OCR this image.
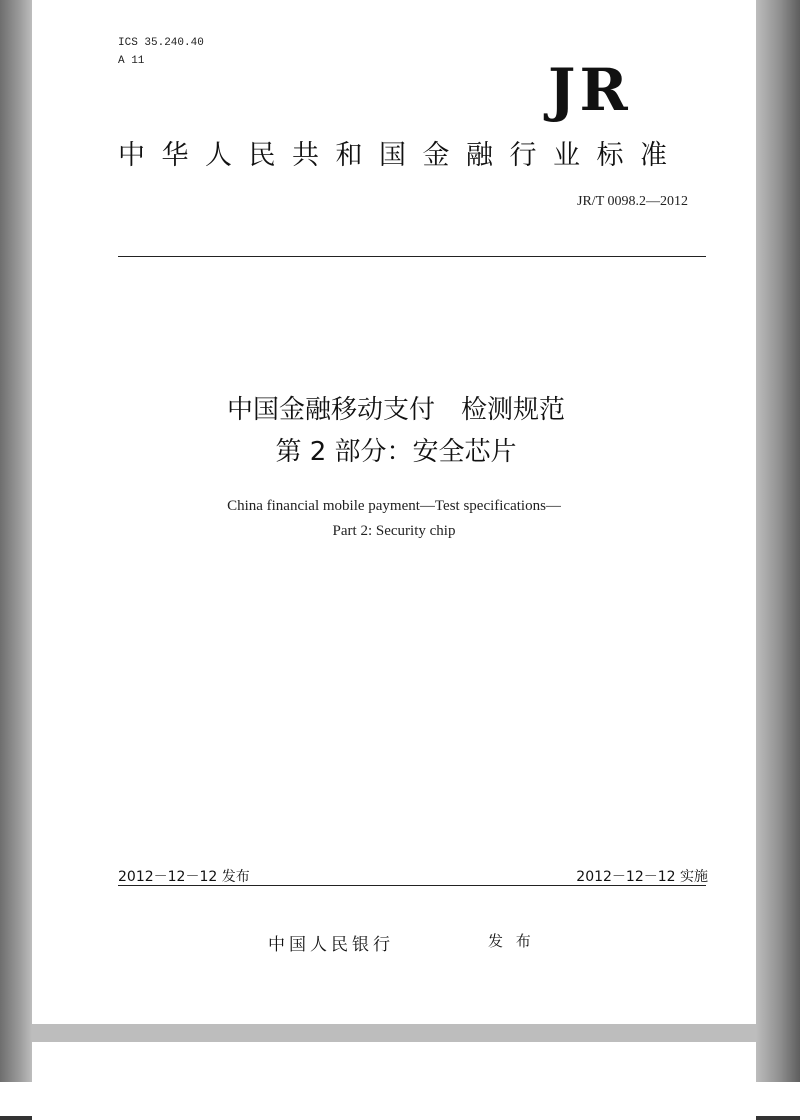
ICS 35.240.40
A 11	JR
中华人民共和国金融行业标准
JR/T 0098.2—2012
中国金融移动支付　检测规范
第 2 部分：安全芯片
China financial mobile payment—Test specifications—
Part 2: Security chip
2012－12－12 发布	2012－12－12 实施
中国人民银行	发 布
